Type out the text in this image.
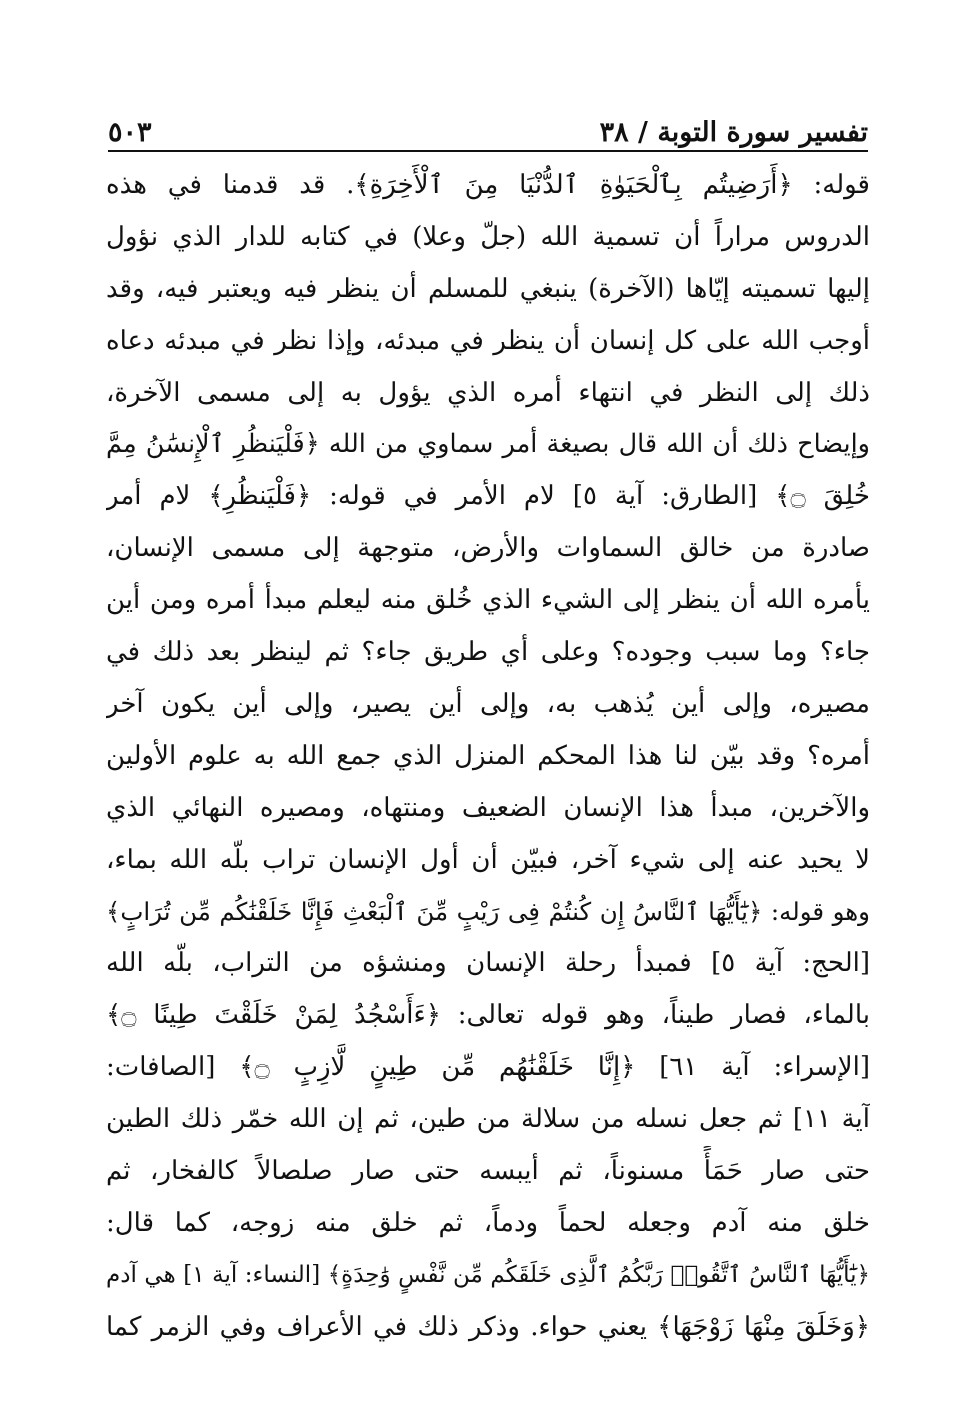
تفسير سورة التوبة / ٣٨
٥٠٣
قوله: ﴿أَرَضِيتُم بِٱلْحَيَوٰةِ ٱلدُّنْيَا مِنَ ٱلْأَخِرَةِ﴾. قد قدمنا في هذه
الدروس مراراً أن تسمية الله (جلّ وعلا) في كتابه للدار الذي نؤول
إليها تسميته إيّاها (الآخرة) ينبغي للمسلم أن ينظر فيه ويعتبر فيه، وقد
أوجب الله على كل إنسان أن ينظر في مبدئه، وإذا نظر في مبدئه دعاه
ذلك إلى النظر في انتهاء أمره الذي يؤول به إلى مسمى الآخرة،
وإيضاح ذلك أن الله قال بصيغة أمر سماوي من الله ﴿فَلْيَنظُرِ ٱلْإِنسَٰنُ مِمَّ
خُلِقَ ۝﴾ [الطارق: آية ٥] لام الأمر في قوله: ﴿فَلْيَنظُرِ﴾ لام أمر
صادرة من خالق السماوات والأرض، متوجهة إلى مسمى الإنسان،
يأمره الله أن ينظر إلى الشيء الذي خُلق منه ليعلم مبدأ أمره ومن أين
جاء؟ وما سبب وجوده؟ وعلى أي طريق جاء؟ ثم لينظر بعد ذلك في
مصيره، وإلى أين يُذهب به، وإلى أين يصير، وإلى أين يكون آخر
أمره؟ وقد بيّن لنا هذا المحكم المنزل الذي جمع الله به علوم الأولين
والآخرين، مبدأ هذا الإنسان الضعيف ومنتهاه، ومصيره النهائي الذي
لا يحيد عنه إلى شيء آخر، فبيّن أن أول الإنسان تراب بلّه الله بماء،
وهو قوله: ﴿يَٰٓأَيُّهَا ٱلنَّاسُ إِن كُنتُمْ فِى رَيْبٍ مِّنَ ٱلْبَعْثِ فَإِنَّا خَلَقْنَٰكُم مِّن تُرَابٍ﴾
[الحج: آية ٥] فمبدأ رحلة الإنسان ومنشؤه من التراب، بلّه الله
بالماء، فصار طيناً، وهو قوله تعالى: ﴿ءَأَسْجُدُ لِمَنْ خَلَقْتَ طِينًا ۝﴾
[الإسراء: آية ٦١] ﴿إِنَّا خَلَقْنَٰهُم مِّن طِينٍ لَّازِبٍ ۝﴾ [الصافات:
آية ١١] ثم جعل نسله من سلالة من طين، ثم إن الله خمّر ذلك الطين
حتى صار حَمَأً مسنوناً، ثم أيبسه حتى صار صلصالاً كالفخار، ثم
خلق منه آدم وجعله لحماً ودماً، ثم خلق منه زوجه، كما قال:
﴿يَٰٓأَيُّهَا ٱلنَّاسُ ٱتَّقُوا۟ رَبَّكُمُ ٱلَّذِى خَلَقَكُم مِّن نَّفْسٍ وَٰحِدَةٍ﴾ [النساء: آية ١] هي آدم
﴿وَخَلَقَ مِنْهَا زَوْجَهَا﴾ يعني حواء. وذكر ذلك في الأعراف وفي الزمر كما
